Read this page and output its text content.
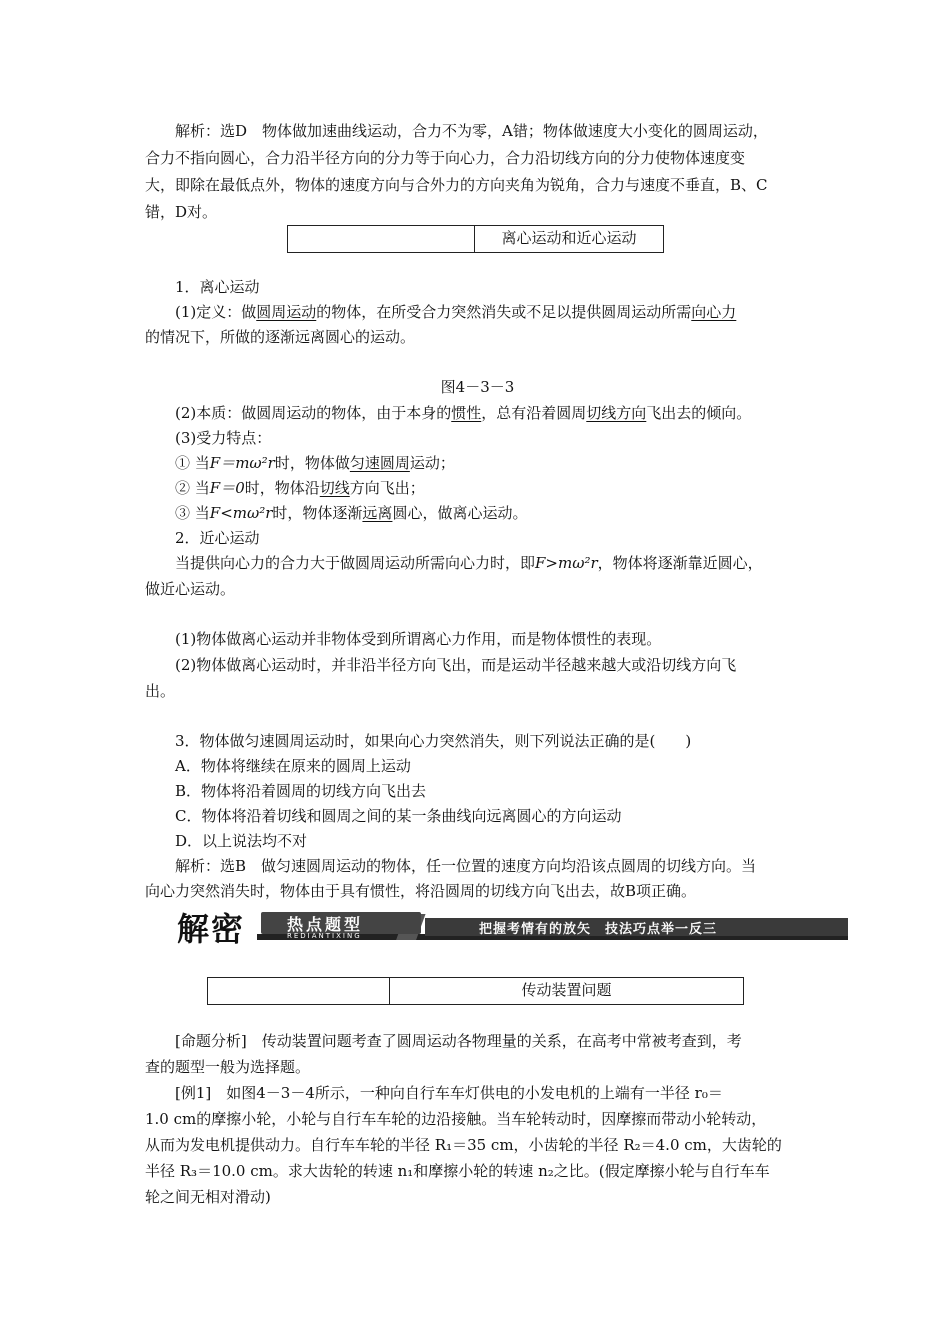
解析：选D　物体做加速曲线运动，合力不为零，A错；物体做速度大小变化的圆周运动，
合力不指向圆心，合力沿半径方向的分力等于向心力，合力沿切线方向的分力使物体速度变
大，即除在最低点外，物体的速度方向与合外力的方向夹角为锐角，合力与速度不垂直，B、C
错，D对。
离心运动和近心运动
1．离心运动
(1)定义：做圆周运动的物体，在所受合力突然消失或不足以提供圆周运动所需向心力
的情况下，所做的逐渐远离圆心的运动。
图4－3－3
(2)本质：做圆周运动的物体，由于本身的惯性，总有沿着圆周切线方向飞出去的倾向。
(3)受力特点：
① 当F＝mω²r时，物体做匀速圆周运动；
② 当F＝0时，物体沿切线方向飞出；
③ 当F<mω²r时，物体逐渐远离圆心，做离心运动。
2．近心运动
当提供向心力的合力大于做圆周运动所需向心力时，即F>mω²r，物体将逐渐靠近圆心，
做近心运动。
(1)物体做离心运动并非物体受到所谓离心力作用，而是物体惯性的表现。
(2)物体做离心运动时，并非沿半径方向飞出，而是运动半径越来越大或沿切线方向飞
出。
3．物体做匀速圆周运动时，如果向心力突然消失，则下列说法正确的是(　　)
A．物体将继续在原来的圆周上运动
B．物体将沿着圆周的切线方向飞出去
C．物体将沿着切线和圆周之间的某一条曲线向远离圆心的方向运动
D．以上说法均不对
解析：选B　做匀速圆周运动的物体，任一位置的速度方向均沿该点圆周的切线方向。当
向心力突然消失时，物体由于具有惯性，将沿圆周的切线方向飞出去，故B项正确。
解密	热点题型
REDIANTIXING	把握考情有的放矢　技法巧点举一反三
传动装置问题
[命题分析]　传动装置问题考查了圆周运动各物理量的关系，在高考中常被考查到，考
查的题型一般为选择题。
[例1]　如图4－3－4所示，一种向自行车车灯供电的小发电机的上端有一半径 r₀＝
1.0 cm的摩擦小轮，小轮与自行车车轮的边沿接触。当车轮转动时，因摩擦而带动小轮转动，
从而为发电机提供动力。自行车车轮的半径 R₁＝35 cm，小齿轮的半径 R₂＝4.0 cm，大齿轮的
半径 R₃＝10.0 cm。求大齿轮的转速 n₁和摩擦小轮的转速 n₂之比。(假定摩擦小轮与自行车车
轮之间无相对滑动)
